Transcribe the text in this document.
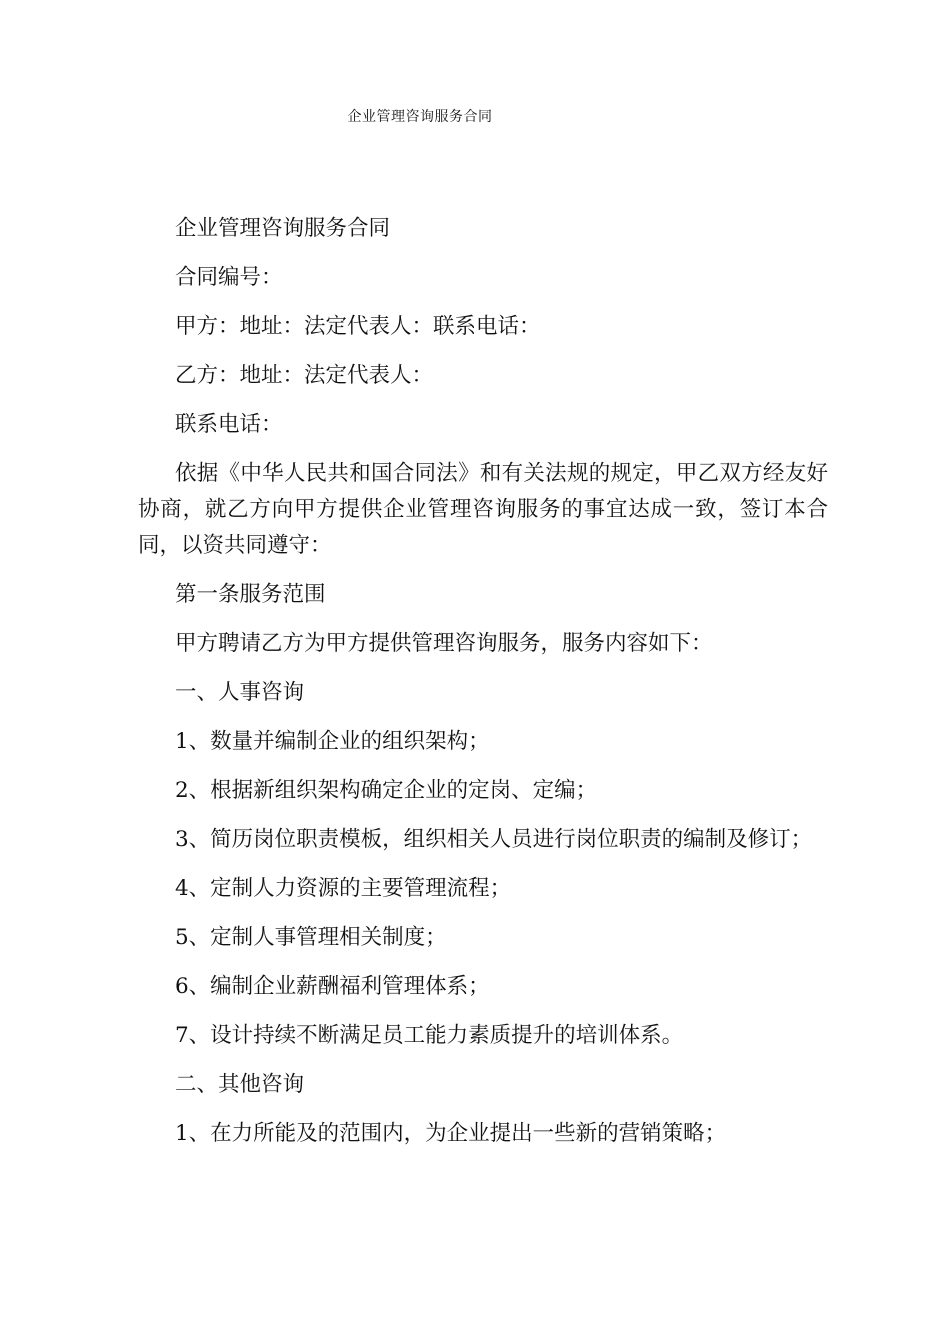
企业管理咨询服务合同

企业管理咨询服务合同

合同编号：

甲方：地址：法定代表人：联系电话：

乙方：地址：法定代表人：

联系电话：

依据《中华人民共和国合同法》和有关法规的规定，甲乙双方经友好协商，就乙方向甲方提供企业管理咨询服务的事宜达成一致，签订本合同，以资共同遵守：

第一条服务范围

甲方聘请乙方为甲方提供管理咨询服务，服务内容如下：

一、人事咨询

1、数量并编制企业的组织架构；

2、根据新组织架构确定企业的定岗、定编；

3、简历岗位职责模板，组织相关人员进行岗位职责的编制及修订；

4、定制人力资源的主要管理流程；

5、定制人事管理相关制度；

6、编制企业薪酬福利管理体系；

7、设计持续不断满足员工能力素质提升的培训体系。

二、其他咨询

1、在力所能及的范围内，为企业提出一些新的营销策略；
